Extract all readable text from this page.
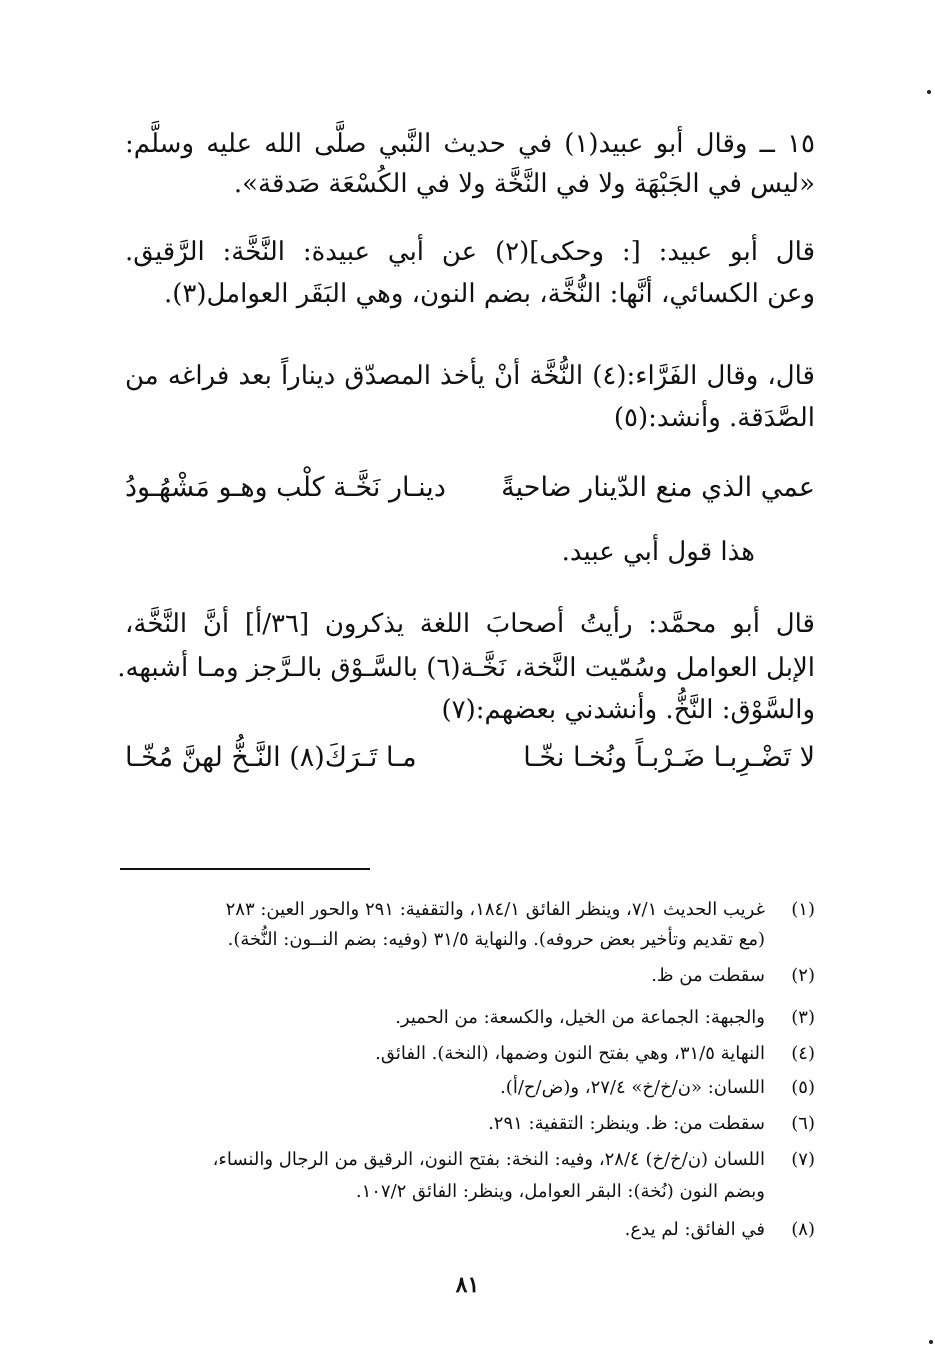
١٥ ــ وقال أبو عبيد(١) في حديث النَّبي صلَّى الله عليه وسلَّم:
«ليس في الجَبْهَة ولا في النَّخَّة ولا في الكُسْعَة صَدقة».
قال أبو عبيد: [: وحكى](٢) عن أبي عبيدة: النَّخَّة: الرَّقيق.
وعن الكسائي، أنَّها: النُّخَّة، بضم النون، وهي البَقَر العوامل(٣).
قال، وقال الفَرَّاء:(٤) النُّخَّة أنْ يأخذ المصدّق ديناراً بعد فراغه من
الصَّدَقة. وأنشد:(٥)
عمي الذي منع الدّينار ضاحيةً
دينـار نَخَّـة كلْب وهـو مَشْهُـودُ
هذا قول أبي عبيد.
قال أبو محمَّد: رأيتُ أصحابَ اللغة يذكرون [٣٦/أ] أنَّ النَّخَّة،
الإبل العوامل وسُمّيت النَّخة، نَخَّـة(٦) بالسَّـوْق بالـرَّجز ومـا أشبهه.
والسَّوْق: النَّخُّ. وأنشدني بعضهم:(٧)
لا تَضْـرِبـا ضَـرْبـاً ونُخـا نخّـا
مـا تَـرَكَ(٨) النَّـخُّ لهنَّ مُخّـا
(١)
غريب الحديث ٧/١، وينظر الفائق ١٨٤/١، والتقفية: ٢٩١ والحور العين: ٢٨٣
(مع تقديم وتأخير بعض حروفه). والنهاية ٣١/٥ (وفيه: بضم النــون: النُّخة).
(٢)
سقطت من ظ.
(٣)
والجبهة: الجماعة من الخيل، والكسعة: من الحمير.
(٤)
النهاية ٣١/٥، وهي بفتح النون وضمها، (النخة). الفائق.
(٥)
اللسان: «ن/خ/خ» ٢٧/٤، و(ض/ح/أ).
(٦)
سقطت من: ظ. وينظر: التقفية: ٢٩١.
(٧)
اللسان (ن/خ/خ) ٢٨/٤، وفيه: النخة: بفتح النون، الرقيق من الرجال والنساء،
وبضم النون (نُخة): البقر العوامل، وينظر: الفائق ١٠٧/٢.
(٨)
في الفائق: لم يدع.
٨١
